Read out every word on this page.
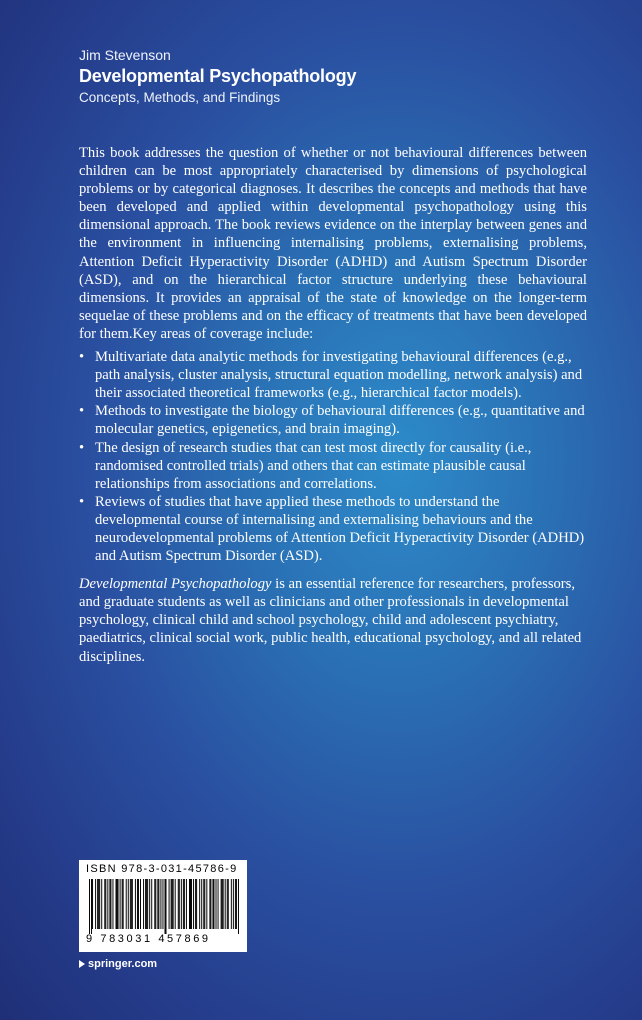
Jim Stevenson
Developmental Psychopathology
Concepts, Methods, and Findings

This book addresses the question of whether or not behavioural differences between children can be most appropriately characterised by dimensions of psychological problems or by categorical diagnoses. It describes the concepts and methods that have been developed and applied within developmental psychopathology using this dimensional approach. The book reviews evidence on the interplay between genes and the environment in influencing internalising problems, externalising problems, Attention Deficit Hyperactivity Disorder (ADHD) and Autism Spectrum Disorder (ASD), and on the hierarchical factor structure underlying these behavioural dimensions. It provides an appraisal of the state of knowledge on the longer-term sequelae of these problems and on the efficacy of treatments that have been developed for them.Key areas of coverage include:

• Multivariate data analytic methods for investigating behavioural differences (e.g., path analysis, cluster analysis, structural equation modelling, network analysis) and their associated theoretical frameworks (e.g., hierarchical factor models).
• Methods to investigate the biology of behavioural differences (e.g., quantitative and molecular genetics, epigenetics, and brain imaging).
• The design of research studies that can test most directly for causality (i.e., randomised controlled trials) and others that can estimate plausible causal relationships from associations and correlations.
• Reviews of studies that have applied these methods to understand the developmental course of internalising and externalising behaviours and the neurodevelopmental problems of Attention Deficit Hyperactivity Disorder (ADHD) and Autism Spectrum Disorder (ASD).

Developmental Psychopathology is an essential reference for researchers, professors, and graduate students as well as clinicians and other professionals in developmental psychology, clinical child and school psychology, child and adolescent psychiatry, paediatrics, clinical social work, public health, educational psychology, and all related disciplines.

ISBN 978-3-031-45786-9
9 783031 457869
springer.com
